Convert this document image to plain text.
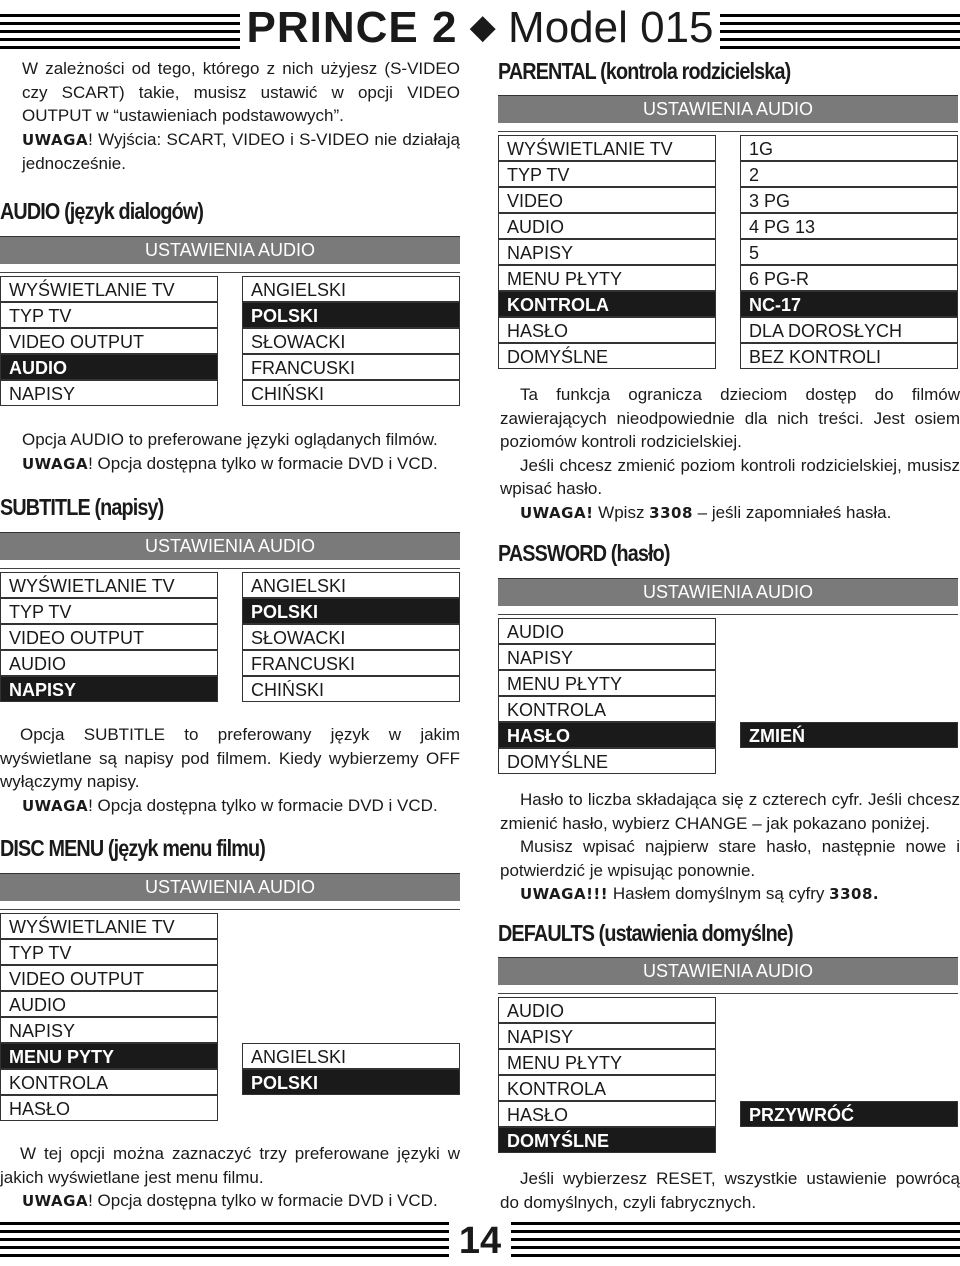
PRINCE 2 ◆ Model 015

W zależności od tego, którego z nich użyjesz (S-VIDEO czy SCART) takie, musisz ustawić w opcji VIDEO OUTPUT w “ustawieniach podstawowych”.

UWAGA! Wyjścia: SCART, VIDEO i S-VIDEO nie działają jednocześnie.

AUDIO (język dialogów)
USTAWIENIA AUDIO
WYŚWIETLANIE TV
TYP TV
VIDEO OUTPUT
AUDIO
NAPISY
ANGIELSKI
POLSKI
SŁOWACKI
FRANCUSKI
CHIŃSKI

Opcja AUDIO to preferowane języki oglądanych filmów.

UWAGA! Opcja dostępna tylko w formacie DVD i VCD.

SUBTITLE (napisy)
USTAWIENIA AUDIO
WYŚWIETLANIE TV
TYP TV
VIDEO OUTPUT
AUDIO
NAPISY
ANGIELSKI
POLSKI
SŁOWACKI
FRANCUSKI
CHIŃSKI

Opcja SUBTITLE to preferowany język w jakim wyświetlane są napisy pod filmem. Kiedy wybierzemy OFF wyłączymy napisy.

UWAGA! Opcja dostępna tylko w formacie DVD i VCD.

DISC MENU (język menu filmu)
USTAWIENIA AUDIO
WYŚWIETLANIE TV
TYP TV
VIDEO OUTPUT
AUDIO
NAPISY
MENU PYTY
KONTROLA
HASŁO
ANGIELSKI
POLSKI

W tej opcji można zaznaczyć trzy preferowane języki w jakich wyświetlane jest menu filmu.

UWAGA! Opcja dostępna tylko w formacie DVD i VCD.

PARENTAL (kontrola rodzicielska)
USTAWIENIA AUDIO
WYŚWIETLANIE TV
TYP TV
VIDEO
AUDIO
NAPISY
MENU PŁYTY
KONTROLA
HASŁO
DOMYŚLNE
1G
2
3 PG
4 PG 13
5
6 PG-R
NC-17
DLA DOROSŁYCH
BEZ KONTROLI

Ta funkcja ogranicza dzieciom dostęp do filmów zawierających nieodpowiednie dla nich treści. Jest osiem poziomów kontroli rodzicielskiej.

Jeśli chcesz zmienić poziom kontroli rodzicielskiej, musisz wpisać hasło.

UWAGA! Wpisz 3308 – jeśli zapomniałeś hasła.

PASSWORD (hasło)
USTAWIENIA AUDIO
AUDIO
NAPISY
MENU PŁYTY
KONTROLA
HASŁO
DOMYŚLNE
ZMIEŃ

Hasło to liczba składająca się z czterech cyfr. Jeśli chcesz zmienić hasło, wybierz CHANGE – jak pokazano poniżej.

Musisz wpisać najpierw stare hasło, następnie nowe i potwierdzić je wpisując ponownie.

UWAGA!!! Hasłem domyślnym są cyfry 3308.

DEFAULTS (ustawienia domyślne)
USTAWIENIA AUDIO
AUDIO
NAPISY
MENU PŁYTY
KONTROLA
HASŁO
DOMYŚLNE
PRZYWRÓĆ

Jeśli wybierzesz RESET, wszystkie ustawienie powrócą do domyślnych, czyli fabrycznych.

14
